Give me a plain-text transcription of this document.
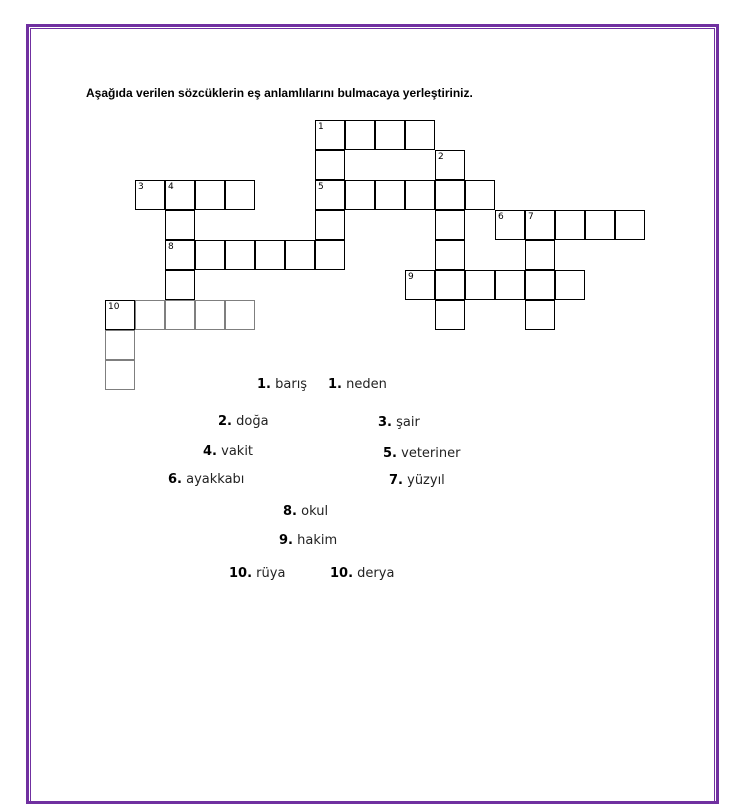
Aşağıda verilen sözcüklerin eş anlamlılarını bulmacaya yerleştiriniz.
1
2
3	4	5
6	7
8
9
10
1. barış 1. neden
2. doğa	3. şair
4. vakit	5. veteriner
6. ayakkabı	7. yüzyıl
8. okul
9. hakim
10. rüya	10. derya
